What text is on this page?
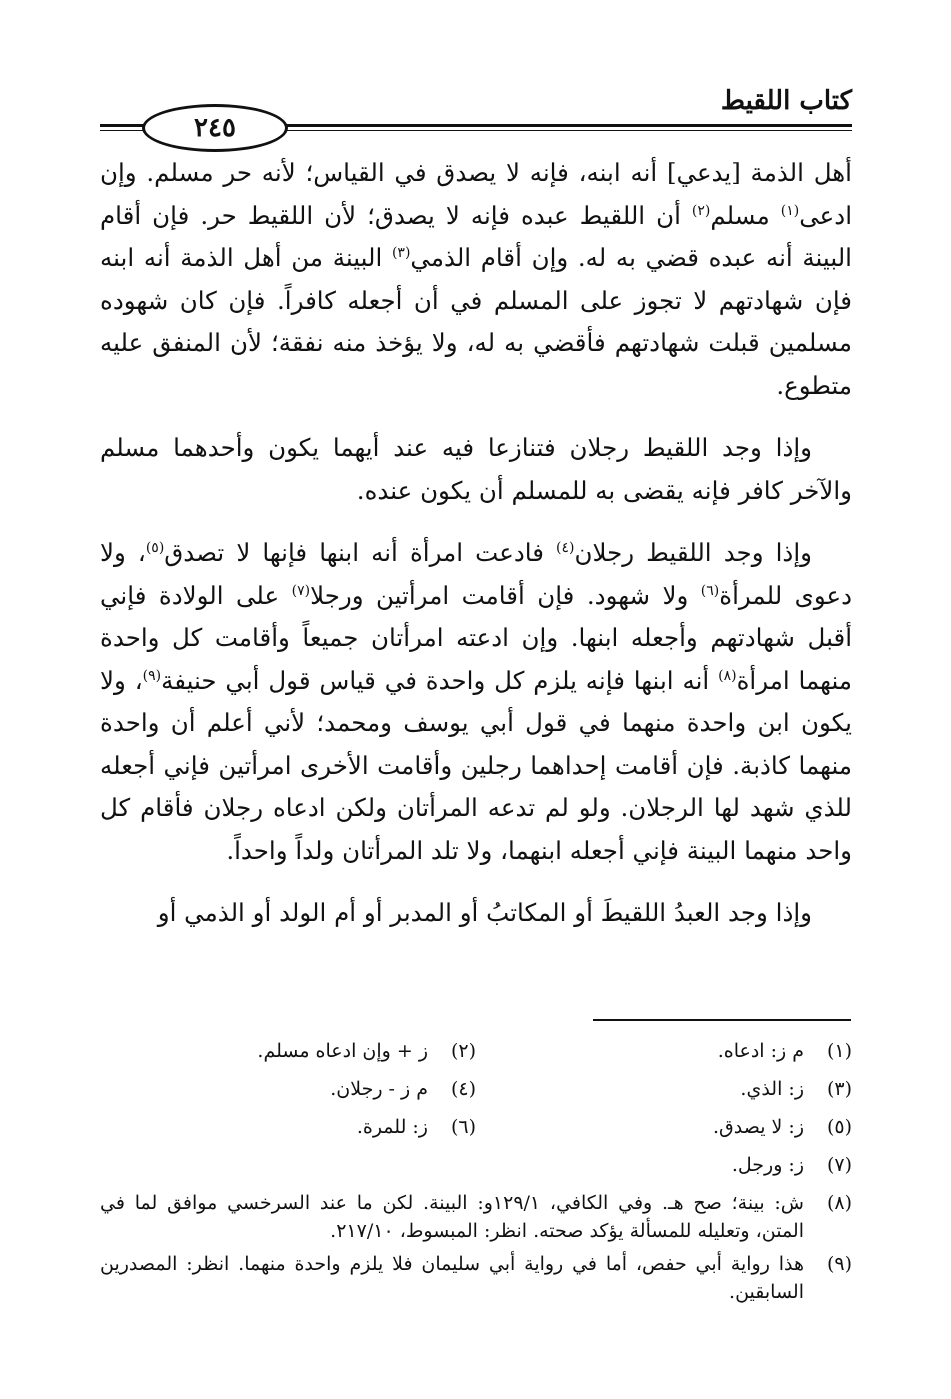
كتاب اللقيط
٢٤٥

أهل الذمة [يدعي] أنه ابنه، فإنه لا يصدق في القياس؛ لأنه حر مسلم. وإن ادعى$^{(١)}$ مسلم$^{(٢)}$ أن اللقيط عبده فإنه لا يصدق؛ لأن اللقيط حر. فإن أقام البينة أنه عبده قضي به له. وإن أقام الذمي$^{(٣)}$ البينة من أهل الذمة أنه ابنه فإن شهادتهم لا تجوز على المسلم في أن أجعله كافراً. فإن كان شهوده مسلمين قبلت شهادتهم فأقضي به له، ولا يؤخذ منه نفقة؛ لأن المنفق عليه متطوع.

وإذا وجد اللقيط رجلان فتنازعا فيه عند أيهما يكون وأحدهما مسلم والآخر كافر فإنه يقضى به للمسلم أن يكون عنده.

وإذا وجد اللقيط رجلان$^{(٤)}$ فادعت امرأة أنه ابنها فإنها لا تصدق$^{(٥)}$، ولا دعوى للمرأة$^{(٦)}$ ولا شهود. فإن أقامت امرأتين ورجلا$^{(٧)}$ على الولادة فإني أقبل شهادتهم وأجعله ابنها. وإن ادعته امرأتان جميعاً وأقامت كل واحدة منهما امرأة$^{(٨)}$ أنه ابنها فإنه يلزم كل واحدة في قياس قول أبي حنيفة$^{(٩)}$، ولا يكون ابن واحدة منهما في قول أبي يوسف ومحمد؛ لأني أعلم أن واحدة منهما كاذبة. فإن أقامت إحداهما رجلين وأقامت الأخرى امرأتين فإني أجعله للذي شهد لها الرجلان. ولو لم تدعه المرأتان ولكن ادعاه رجلان فأقام كل واحد منهما البينة فإني أجعله ابنهما، ولا تلد المرأتان ولداً واحداً.

وإذا وجد العبدُ اللقيطَ أو المكاتبُ أو المدبر أو أم الولد أو الذمي أو

(١)
م ز: ادعاه.
(٢)
ز + وإن ادعاه مسلم.
(٣)
ز: الذي.
(٤)
م ز - رجلان.
(٥)
ز: لا يصدق.
(٦)
ز: للمرة.
(٧)
ز: ورجل.
(٨)
ش: بينة؛ صح هـ. وفي الكافي، ١٢٩/١و: البينة. لكن ما عند السرخسي موافق لما في المتن، وتعليله للمسألة يؤكد صحته. انظر: المبسوط، ٢١٧/١٠.
(٩)
هذا رواية أبي حفص، أما في رواية أبي سليمان فلا يلزم واحدة منهما. انظر: المصدرين السابقين.
